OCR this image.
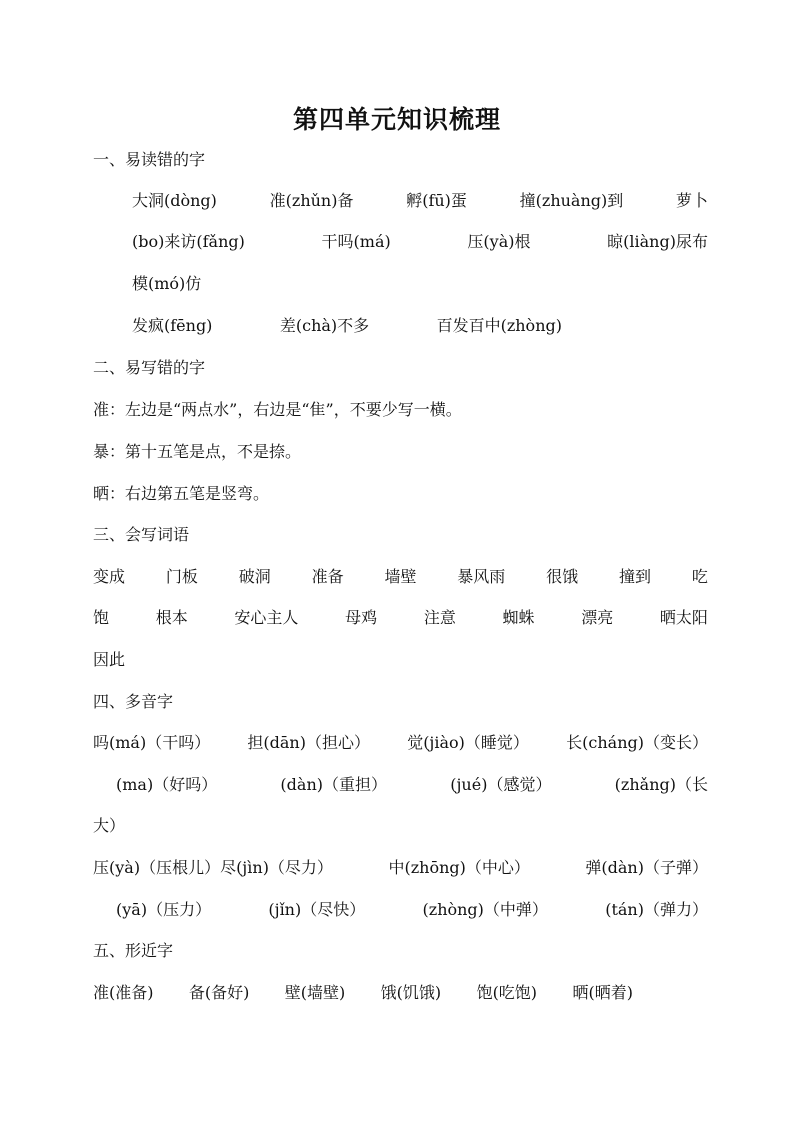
第四单元知识梳理
一、易读错的字
大洞(dòng)	准(zhǔn)备	孵(fū)蛋	撞(zhuàng)到	萝卜
(bo)来访(fǎng)	干吗(má)	压(yà)根	晾(liàng)尿布
模(mó)仿
发疯(fēng)	差(chà)不多	百发百中(zhòng)
二、易写错的字
准：左边是“两点水”，右边是“隹”，不要少写一横。
暴：第十五笔是点，不是捺。
晒：右边第五笔是竖弯。
三、会写词语
变成	门板	破洞	准备	墙壁	暴风雨	很饿	撞到	吃
饱	根本	安心主人	母鸡	注意	蜘蛛	漂亮	晒太阳
因此
四、多音字
吗(má)（干吗） 担(dān)（担心） 觉(jiào)（睡觉） 长(cháng)（变长）
(ma)（好吗）	(dàn)（重担）	(jué)（感觉）	(zhǎng)（长
大）
压(yà)（压根儿）尽(jìn)（尽力）	中(zhōng)（中心）	弹(dàn)（子弹）
(yā)（压力）	(jǐn)（尽快）	(zhòng)（中弹）	(tán)（弹力）
五、形近字
准(准备) 备(备好) 壁(墙壁) 饿(饥饿) 饱(吃饱) 晒(晒着)
